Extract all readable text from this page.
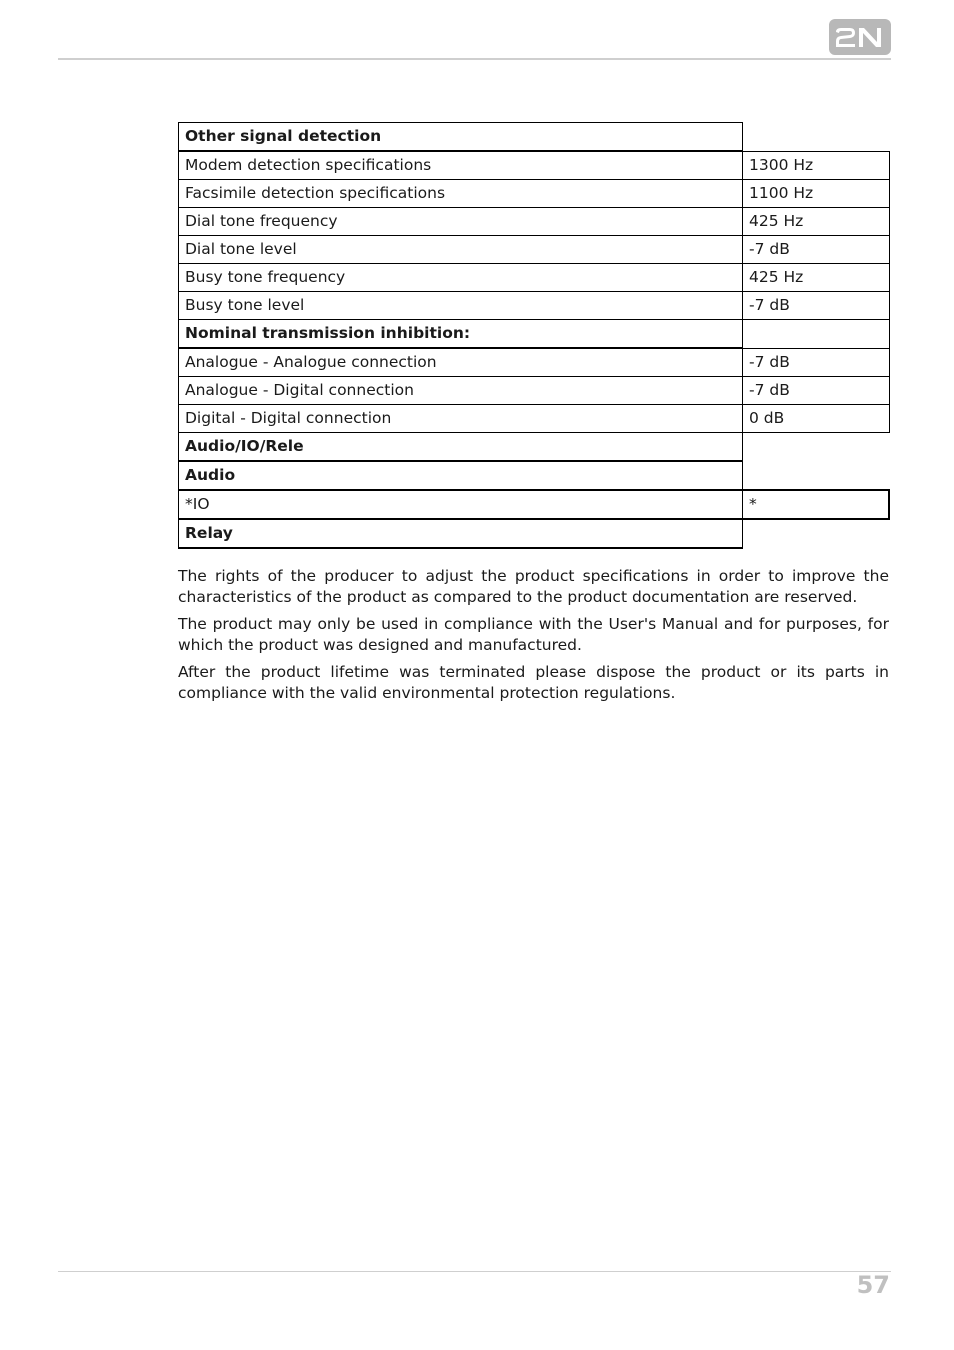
Other signal detection	
Modem detection specifications	1300 Hz
Facsimile detection specifications	1100 Hz
Dial tone frequency	425 Hz
Dial tone level	-7 dB
Busy tone frequency	425 Hz
Busy tone level	-7 dB
Nominal transmission inhibition:	
Analogue - Analogue connection	-7 dB
Analogue - Digital connection	-7 dB
Digital - Digital connection	0 dB
Audio/IO/Rele	
Audio	
*IO	*
Relay	

The rights of the producer to adjust the product specifications in order to improve the characteristics of the product as compared to the product documentation are reserved.

The product may only be used in compliance with the User's Manual and for purposes, for which the product was designed and manufactured.

After the product lifetime was terminated please dispose the product or its parts in compliance with the valid environmental protection regulations.

57
